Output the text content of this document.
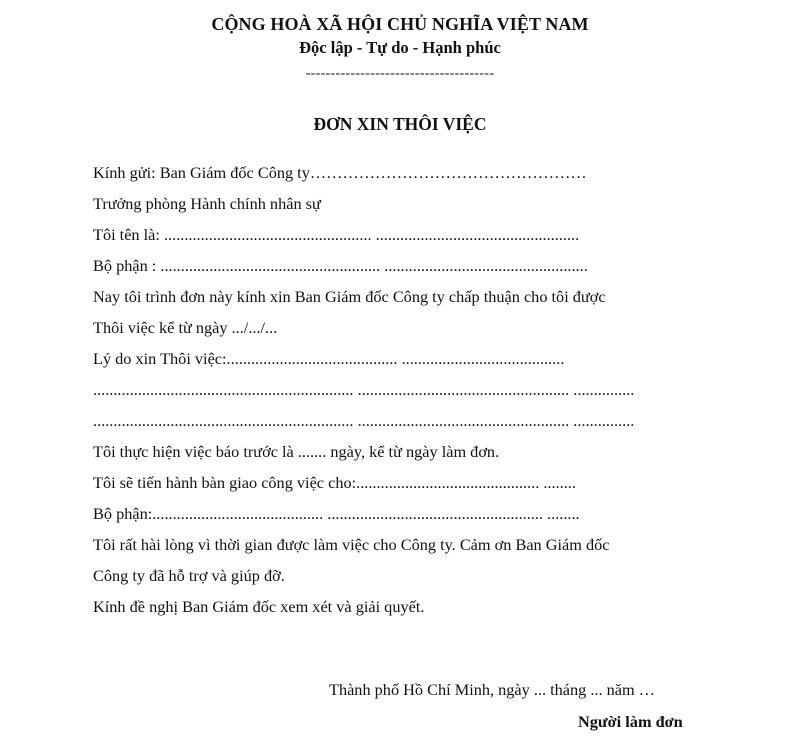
CỘNG HOÀ XÃ HỘI CHỦ NGHĨA VIỆT NAM
Độc lập - Tự do - Hạnh phúc
--------------------------------------
ĐƠN XIN THÔI VIỆC
Kính gửi: Ban Giám đốc Công ty……………………………………………
Trưởng phòng Hành chính nhân sự
Tôi tên là: ................................................... ..................................................
Bộ phận : ...................................................... ..................................................
Nay tôi trình đơn này kính xin Ban Giám đốc Công ty chấp thuận cho tôi được
Thôi việc kể từ ngày .../.../...
Lý do xin Thôi việc:.......................................... ........................................
................................................................ .................................................... ...............
................................................................ .................................................... ...............
Tôi thực hiện việc báo trước là ....... ngày, kể từ ngày làm đơn.
Tôi sẽ tiến hành bàn giao công việc cho:............................................. ........
Bộ phận:.......................................... ..................................................... ........
Tôi rất hài lòng vì thời gian được làm việc cho Công ty. Cảm ơn Ban Giám đốc
Công ty đã hỗ trợ và giúp đỡ.
Kính đề nghị Ban Giám đốc xem xét và giải quyết.
Thành phố Hồ Chí Minh, ngày ... tháng ... năm …
Người làm đơn
